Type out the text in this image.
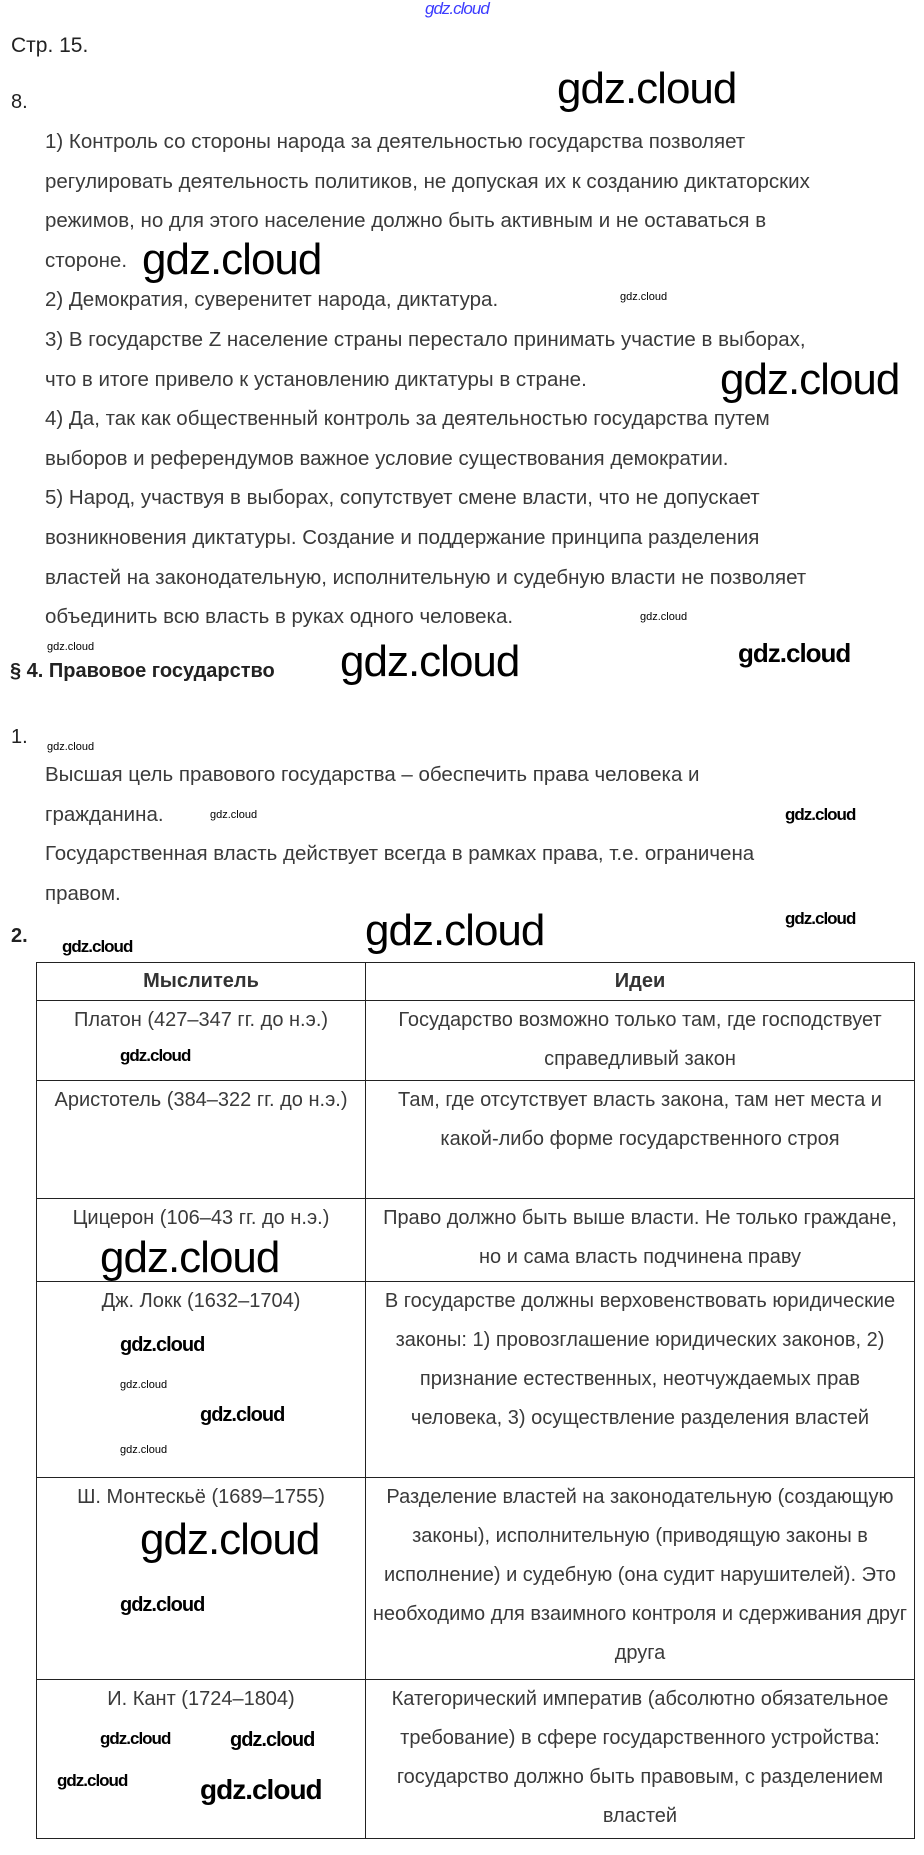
Стр. 15.
8.
1) Контроль со стороны народа за деятельностью государства позволяет
регулировать деятельность политиков, не допуская их к созданию диктаторских
режимов, но для этого население должно быть активным и не оставаться в
стороне.
2) Демократия, суверенитет народа, диктатура.
3) В государстве Z население страны перестало принимать участие в выборах,
что в итоге привело к установлению диктатуры в стране.
4) Да, так как общественный контроль за деятельностью государства путем
выборов и референдумов важное условие существования демократии.
5) Народ, участвуя в выборах, сопутствует смене власти, что не допускает
возникновения диктатуры. Создание и поддержание принципа разделения
властей на законодательную, исполнительную и судебную власти не позволяет
объединить всю власть в руках одного человека.
§ 4. Правовое государство
1.
Высшая цель правового государства – обеспечить права человека и
гражданина.
Государственная власть действует всегда в рамках права, т.е. ограничена
правом.
2.
Мыслитель	Идеи
Платон (427–347 гг. до н.э.)	Государство возможно только там, где господствует справедливый закон
Аристотель (384–322 гг. до н.э.)	Там, где отсутствует власть закона, там нет места и какой-либо форме государственного строя
Цицерон (106–43 гг. до н.э.)	Право должно быть выше власти. Не только граждане, но и сама власть подчинена праву
Дж. Локк (1632–1704)	В государстве должны верховенствовать юридические законы: 1) провозглашение юридических законов, 2) признание естественных, неотчуждаемых прав человека, 3) осуществление разделения властей
Ш. Монтескьё (1689–1755)	Разделение властей на законодательную (создающую законы), исполнительную (приводящую законы в исполнение) и судебную (она судит нарушителей). Это необходимо для взаимного контроля и сдерживания друг друга
И. Кант (1724–1804)	Категорический императив (абсолютно обязательное требование) в сфере государственного устройства: государство должно быть правовым, с разделением властей
gdz.cloud
gdz.cloud
gdz.cloud
gdz.cloud
gdz.cloud
gdz.cloud
gdz.cloud
gdz.cloud	gdz.cloud
gdz.cloud
gdz.cloud	gdz.cloud
gdz.cloud
gdz.cloud	gdz.cloud
gdz.cloud
gdz.cloud
gdz.cloud
gdz.cloud
gdz.cloud
gdz.cloud
gdz.cloud
gdz.cloud
gdz.cloud	gdz.cloud
gdz.cloud	gdz.cloud
